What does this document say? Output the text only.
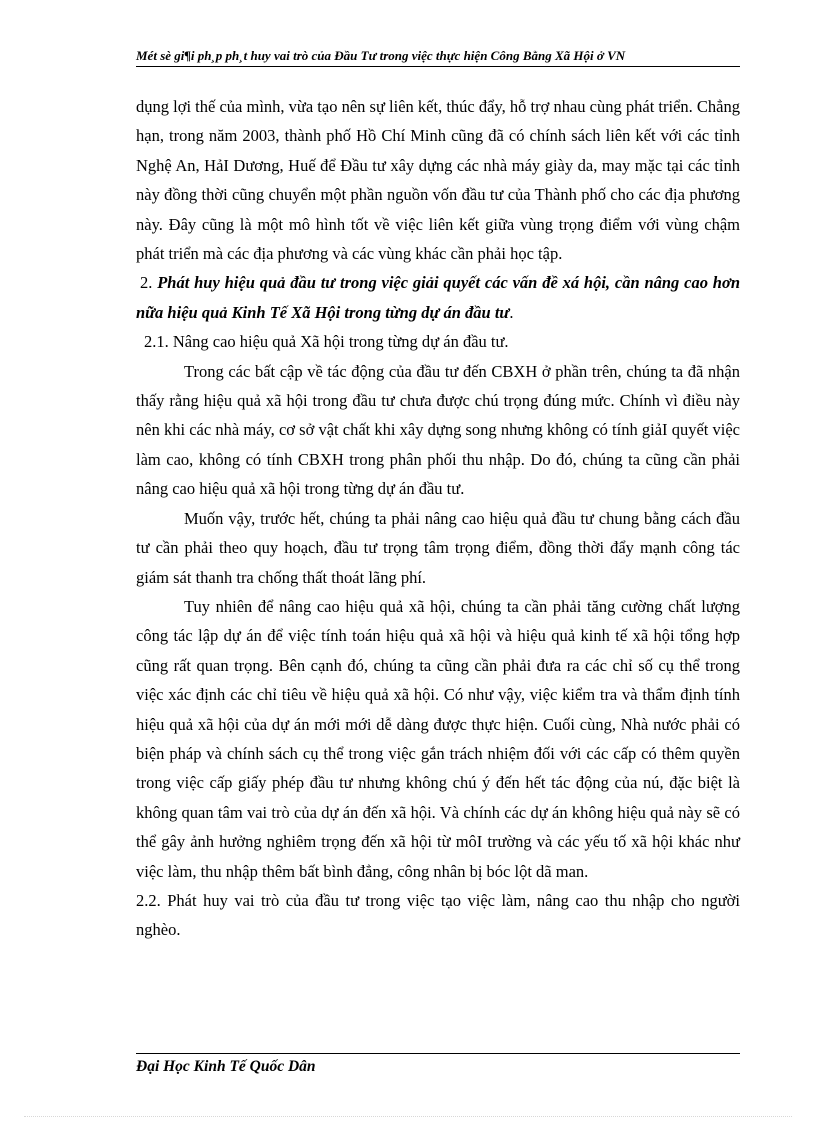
Mét sè gi¶i ph¸p ph¸t huy vai trò của Đầu Tư trong việc thực hiện Công Bằng Xã Hội ở VN

dụng lợi thế của mình, vừa tạo nên sự liên kết, thúc đẩy, hỗ trợ nhau cùng phát triển. Chẳng hạn, trong năm 2003, thành phố Hồ Chí Minh cũng đã có chính sách liên kết với các tỉnh Nghệ An, HảI Dương, Huế để Đầu tư xây dựng các nhà máy giày da, may mặc tại các tỉnh này đồng thời cũng chuyển một phần nguồn vốn đầu tư của Thành phố cho các địa phương này. Đây cũng là một mô hình tốt về việc liên kết giữa vùng trọng điểm với vùng chậm phát triển mà các địa phương và các vùng khác cần phải học tập.

2. Phát huy hiệu quả đầu tư trong việc giải quyết các vấn đề xá hội, cần nâng cao hơn nữa hiệu quả Kinh Tế Xã Hội trong từng dự án đầu tư.

2.1. Nâng cao hiệu quả Xã hội trong từng dự án đầu tư.

Trong các bất cập về tác động của đầu tư đến CBXH ở phần trên, chúng ta đã nhận thấy rằng hiệu quả xã hội trong đầu tư chưa được chú trọng đúng mức. Chính vì điều này nên khi các nhà máy, cơ sở vật chất khi xây dựng song nhưng không có tính giảI quyết việc làm cao, không có tính CBXH trong phân phối thu nhập. Do đó, chúng ta cũng cần phải nâng cao hiệu quả xã hội trong từng dự án đầu tư.

Muốn vậy, trước hết, chúng ta phải nâng cao hiệu quả đầu tư chung bằng cách đầu tư cần phải theo quy hoạch, đầu tư trọng tâm trọng điểm, đồng thời đẩy mạnh công tác giám sát thanh tra chống thất thoát lãng phí.

Tuy nhiên để nâng cao hiệu quả xã hội, chúng ta cần phải tăng cường chất lượng công tác lập dự án để việc tính toán hiệu quả xã hội và hiệu quả kinh tế xã hội tổng hợp cũng rất quan trọng. Bên cạnh đó, chúng ta cũng cần phải đưa ra các chỉ số cụ thể trong việc xác định các chỉ tiêu về hiệu quả xã hội. Có như vậy, việc kiểm tra và thẩm định tính hiệu quả xã hội của dự án mới mới dễ dàng được thực hiện. Cuối cùng, Nhà nước phải có biện pháp và chính sách cụ thể trong việc gắn trách nhiệm đối với các cấp có thêm quyền trong việc cấp giấy phép đầu tư nhưng không chú ý đến hết tác động của nú, đặc biệt là không quan tâm vai trò của dự án đến xã hội. Và chính các dự án không hiệu quả này sẽ có thể gây ảnh hưởng nghiêm trọng đến xã hội từ môI trường và các yếu tố xã hội khác như việc làm, thu nhập thêm bất bình đẳng, công nhân bị bóc lột dã man.

2.2. Phát huy vai trò của đầu tư trong việc tạo việc làm, nâng cao thu nhập cho người nghèo.

Đại Học Kinh Tế Quốc Dân
